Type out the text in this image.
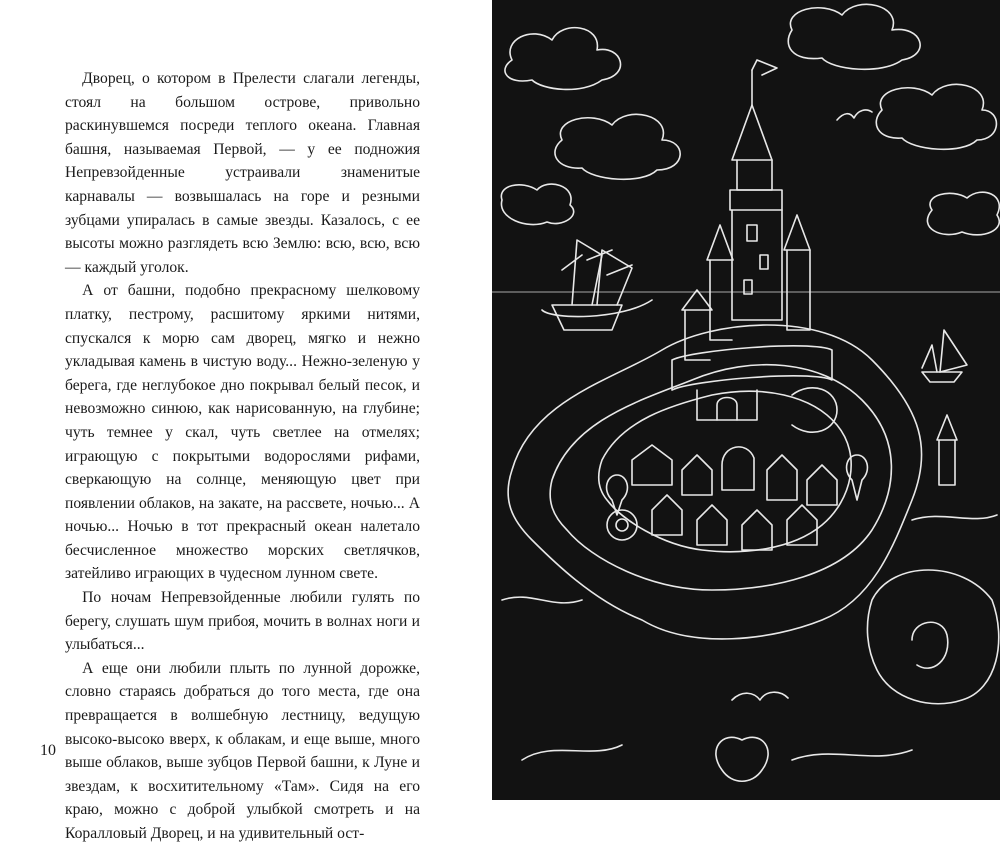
Дворец, о котором в Прелести слагали легенды, стоял на большом острове, привольно раскинувшемся посреди теплого океана. Главная башня, называемая Первой, — у ее подножия Непревзойденные устраивали знаменитые карнавалы — возвышалась на горе и резными зубцами упиралась в самые звезды. Казалось, с ее высоты можно разглядеть всю Землю: всю, всю, всю — каждый уголок.

А от башни, подобно прекрасному шелковому платку, пестрому, расшитому яркими нитями, спускался к морю сам дворец, мягко и нежно укладывая камень в чистую воду... Нежно-зеленую у берега, где неглубокое дно покрывал белый песок, и невозможно синюю, как нарисованную, на глубине; чуть темнее у скал, чуть светлее на отмелях; играющую с покрытыми водорослями рифами, сверкающую на солнце, меняющую цвет при появлении облаков, на закате, на рассвете, ночью... А ночью... Ночью в тот прекрасный океан налетало бесчисленное множество морских светлячков, затейливо играющих в чудесном лунном свете.

По ночам Непревзойденные любили гулять по берегу, слушать шум прибоя, мочить в волнах ноги и улыбаться...

А еще они любили плыть по лунной дорожке, словно стараясь добраться до того места, где она превращается в волшебную лестницу, ведущую высоко-высоко вверх, к облакам, и еще выше, много выше облаков, выше зубцов Первой башни, к Луне и звездам, к восхитительному «Там». Сидя на его краю, можно с доброй улыбкой смотреть и на Коралловый Дворец, и на удивительный ост-

10
